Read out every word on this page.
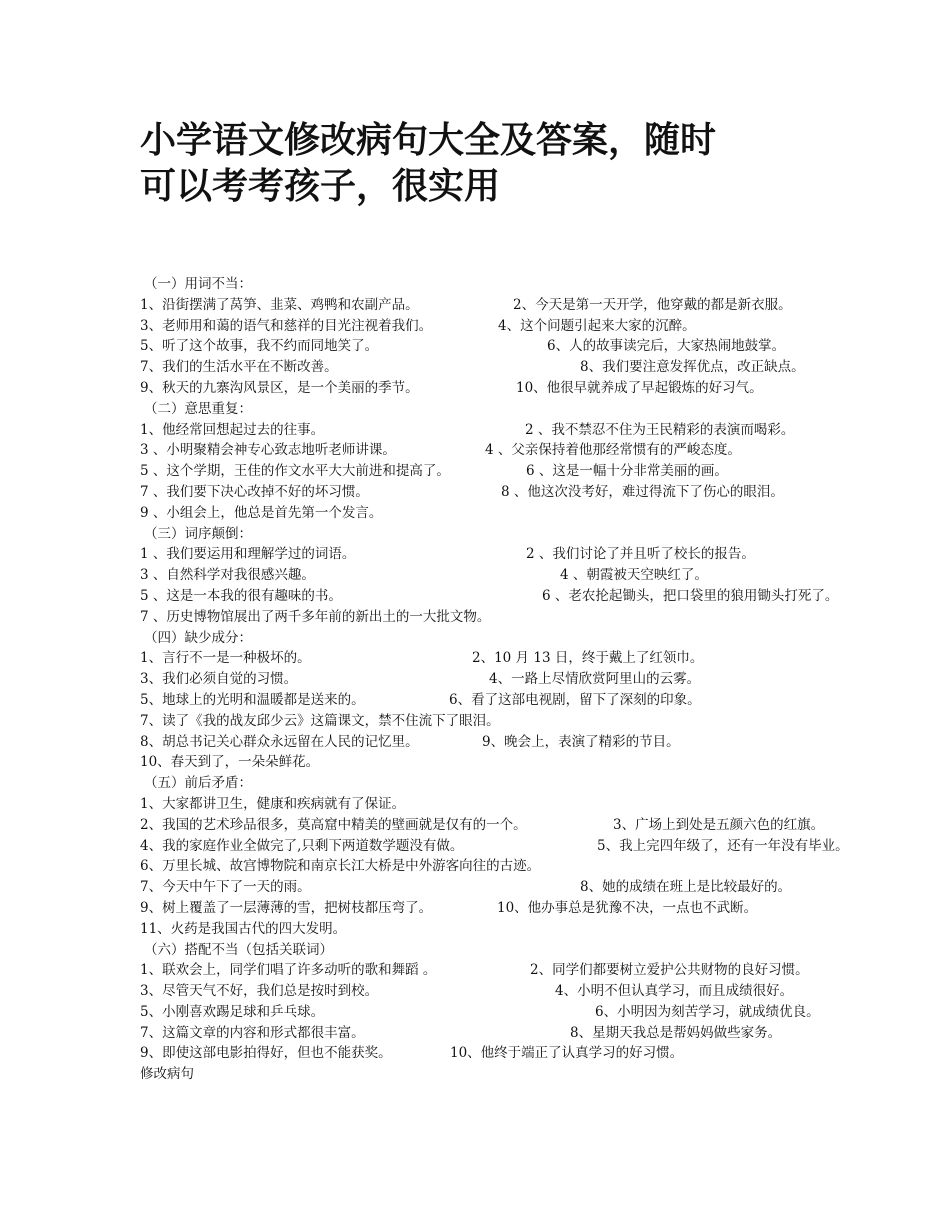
小学语文修改病句大全及答案，随时
可以考考孩子，很实用
（一）用词不当：
1、沿街摆满了莴笋、韭菜、鸡鸭和农副产品。	2、今天是第一天开学，他穿戴的都是新衣服。
3、老师用和蔼的语气和慈祥的目光注视着我们。	4、这个问题引起来大家的沉醉。
5、听了这个故事，我不约而同地笑了。	6、人的故事读完后，大家热闹地鼓掌。
7、我们的生活水平在不断改善。	8、我们要注意发挥优点，改正缺点。
9、秋天的九寨沟风景区，是一个美丽的季节。	10、他很早就养成了早起锻炼的好习气。
（二）意思重复：
1、他经常回想起过去的往事。	2 、我不禁忍不住为王民精彩的表演而喝彩。
3 、小明聚精会神专心致志地听老师讲课。	4 、父亲保持着他那经常惯有的严峻态度。
5 、这个学期，王佳的作文水平大大前进和提高了。	6 、这是一幅十分非常美丽的画。
7 、我们要下决心改掉不好的坏习惯。	8 、他这次没考好，难过得流下了伤心的眼泪。
9 、小组会上，他总是首先第一个发言。
（三）词序颠倒：
1 、我们要运用和理解学过的词语。	2 、我们讨论了并且听了校长的报告。
3 、自然科学对我很感兴趣。	4 、朝霞被天空映红了。
5 、这是一本我的很有趣味的书。	6 、老农抡起锄头，把口袋里的狼用锄头打死了。
7 、历史博物馆展出了两千多年前的新出土的一大批文物。
（四）缺少成分：
1、言行不一是一种极坏的。	2、10 月 13 日，终于戴上了红领巾。
3、我们必须自觉的习惯。	4、一路上尽情欣赏阿里山的云雾。
5、地球上的光明和温暖都是送来的。	6、看了这部电视剧，留下了深刻的印象。
7、读了《我的战友邱少云》这篇课文，禁不住流下了眼泪。
8、胡总书记关心群众永远留在人民的记忆里。	9、晚会上，表演了精彩的节目。
10、春天到了，一朵朵鲜花。
（五）前后矛盾：
1、大家都讲卫生，健康和疾病就有了保证。
2、我国的艺术珍品很多，莫高窟中精美的壁画就是仅有的一个。	3、广场上到处是五颜六色的红旗。
4、我的家庭作业全做完了,只剩下两道数学题没有做。	5、我上完四年级了，还有一年没有毕业。
6、万里长城、故宫博物院和南京长江大桥是中外游客向往的古迹。
7、今天中午下了一天的雨。	8、她的成绩在班上是比较最好的。
9、树上覆盖了一层薄薄的雪，把树枝都压弯了。	10、他办事总是犹豫不决，一点也不武断。
11、火药是我国古代的四大发明。
（六）搭配不当（包括关联词）
1、联欢会上，同学们唱了许多动听的歌和舞蹈 。	2、同学们都要树立爱护公共财物的良好习惯。
3、尽管天气不好，我们总是按时到校。	4、小明不但认真学习，而且成绩很好。
5、小刚喜欢踢足球和乒乓球。	6、小明因为刻苦学习，就成绩优良。
7、这篇文章的内容和形式都很丰富。	8、星期天我总是帮妈妈做些家务。
9、即使这部电影拍得好，但也不能获奖。	10、他终于端正了认真学习的好习惯。
修改病句
